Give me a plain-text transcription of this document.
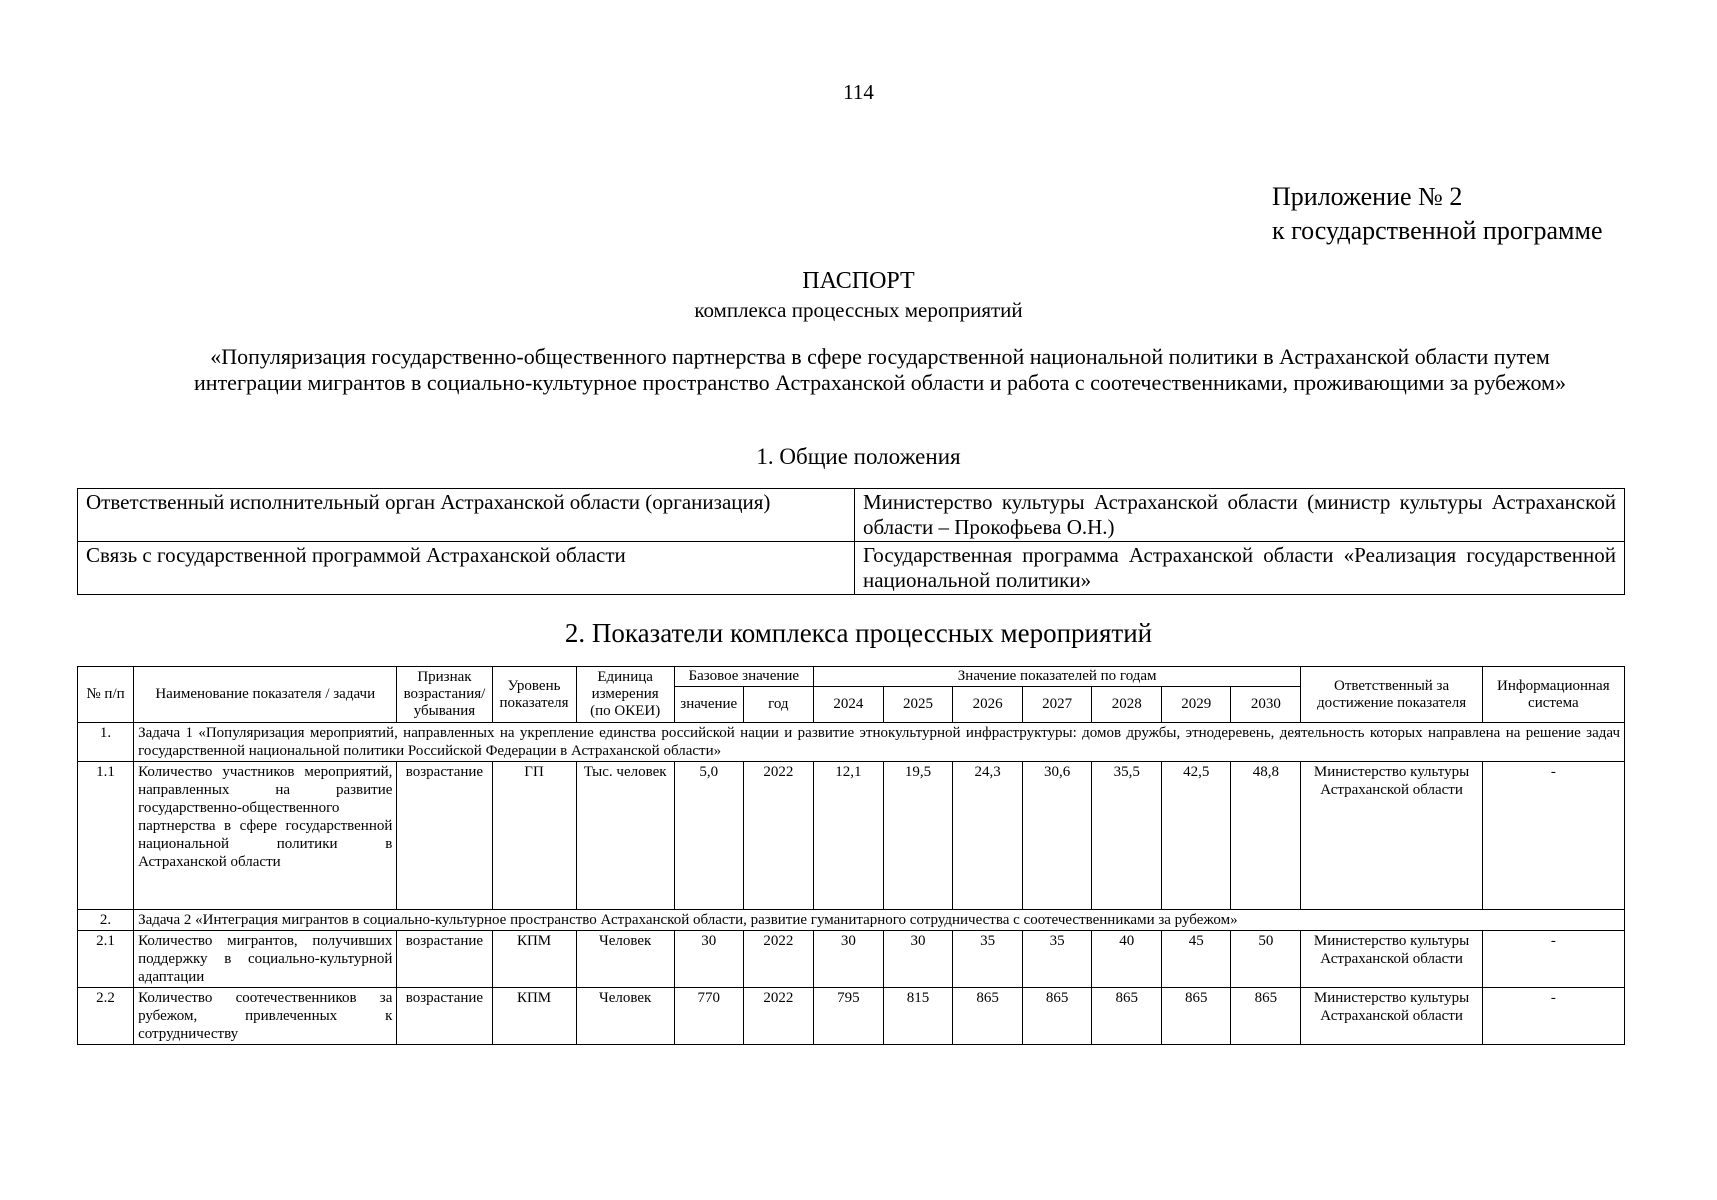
114
Приложение № 2
к государственной программе
ПАСПОРТ
комплекса процессных мероприятий
«Популяризация государственно-общественного партнерства в сфере государственной национальной политики в Астраханской области путем интеграции мигрантов в социально-культурное пространство Астраханской области и работа с соотечественниками, проживающими за рубежом»
1. Общие положения
Ответственный исполнительный орган Астраханской области (организация)	Министерство культуры Астраханской области (министр культуры Астраханской области – Прокофьева О.Н.)
Связь с государственной программой Астраханской области	Государственная программа Астраханской области «Реализация государственной национальной политики»
2. Показатели комплекса процессных мероприятий
№ п/п	Наименование показателя / задачи	Признак возрастания/ убывания	Уровень показателя	Единица измерения (по ОКЕИ)	Базовое значение		Значение показателей по годам							Ответственный за достижение показателя	Информационная система
					значение	год	2024	2025	2026	2027	2028	2029	2030		
1.	Задача 1 «Популяризация мероприятий, направленных на укрепление единства российской нации и развитие этнокультурной инфраструктуры: домов дружбы, этнодеревень, деятельность которых направлена на решение задач государственной национальной политики Российской Федерации в Астраханской области»														
1.1	Количество участников мероприятий, направленных на развитие государственно-общественного партнерства в сфере государственной национальной политики в Астраханской области	возрастание	ГП	Тыс. человек	5,0	2022	12,1	19,5	24,3	30,6	35,5	42,5	48,8	Министерство культуры Астраханской области	-
2.	Задача 2 «Интеграция мигрантов в социально-культурное пространство Астраханской области, развитие гуманитарного сотрудничества с соотечественниками за рубежом»														
2.1	Количество мигрантов, получивших поддержку в социально-культурной адаптации	возрастание	КПМ	Человек	30	2022	30	30	35	35	40	45	50	Министерство культуры Астраханской области	-
2.2	Количество соотечественников за рубежом, привлеченных к сотрудничеству	возрастание	КПМ	Человек	770	2022	795	815	865	865	865	865	865	Министерство культуры Астраханской области	-
